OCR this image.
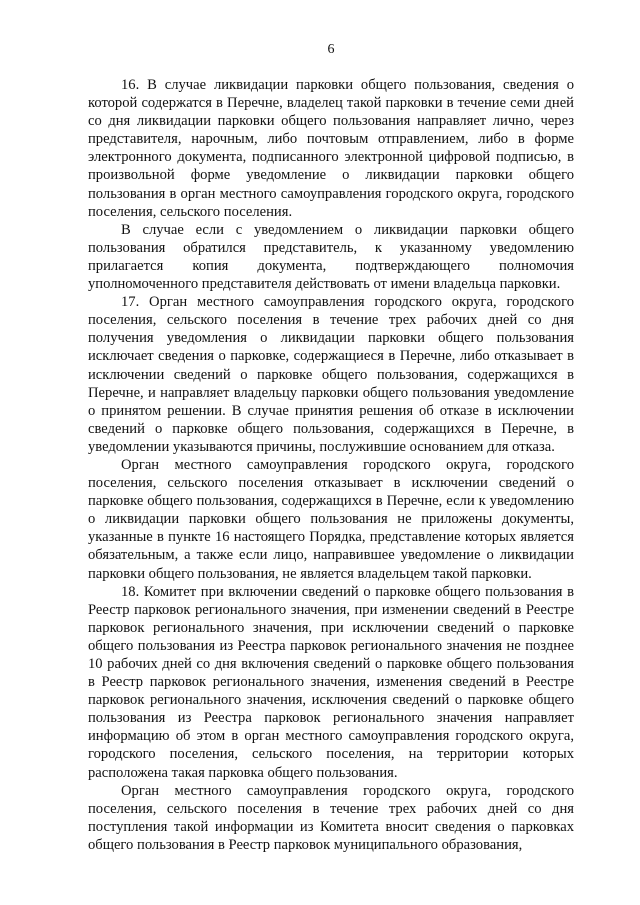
6

16. В случае ликвидации парковки общего пользования, сведения о которой содержатся в Перечне, владелец такой парковки в течение семи дней со дня ликвидации парковки общего пользования направляет лично, через представителя, нарочным, либо почтовым отправлением, либо в форме электронного документа, подписанного электронной цифровой подписью, в произвольной форме уведомление о ликвидации парковки общего пользования в орган местного самоуправления городского округа, городского поселения, сельского поселения.

В случае если с уведомлением о ликвидации парковки общего пользования обратился представитель, к указанному уведомлению прилагается копия документа, подтверждающего полномочия уполномоченного представителя действовать от имени владельца парковки.

17. Орган местного самоуправления городского округа, городского поселения, сельского поселения в течение трех рабочих дней со дня получения уведомления о ликвидации парковки общего пользования исключает сведения о парковке, содержащиеся в Перечне, либо отказывает в исключении сведений о парковке общего пользования, содержащихся в Перечне, и направляет владельцу парковки общего пользования уведомление о принятом решении. В случае принятия решения об отказе в исключении сведений о парковке общего пользования, содержащихся в Перечне, в уведомлении указываются причины, послужившие основанием для отказа.

Орган местного самоуправления городского округа, городского поселения, сельского поселения отказывает в исключении сведений о парковке общего пользования, содержащихся в Перечне, если к уведомлению о ликвидации парковки общего пользования не приложены документы, указанные в пункте 16 настоящего Порядка, представление которых является обязательным, а также если лицо, направившее уведомление о ликвидации парковки общего пользования, не является владельцем такой парковки.

18. Комитет при включении сведений о парковке общего пользования в Реестр парковок регионального значения, при изменении сведений в Реестре парковок регионального значения, при исключении сведений о парковке общего пользования из Реестра парковок регионального значения не позднее 10 рабочих дней со дня включения сведений о парковке общего пользования в Реестр парковок регионального значения, изменения сведений в Реестре парковок регионального значения, исключения сведений о парковке общего пользования из Реестра парковок регионального значения направляет информацию об этом в орган местного самоуправления городского округа, городского поселения, сельского поселения, на территории которых расположена такая парковка общего пользования.

Орган местного самоуправления городского округа, городского поселения, сельского поселения в течение трех рабочих дней со дня поступления такой информации из Комитета вносит сведения о парковках общего пользования в Реестр парковок муниципального образования,
